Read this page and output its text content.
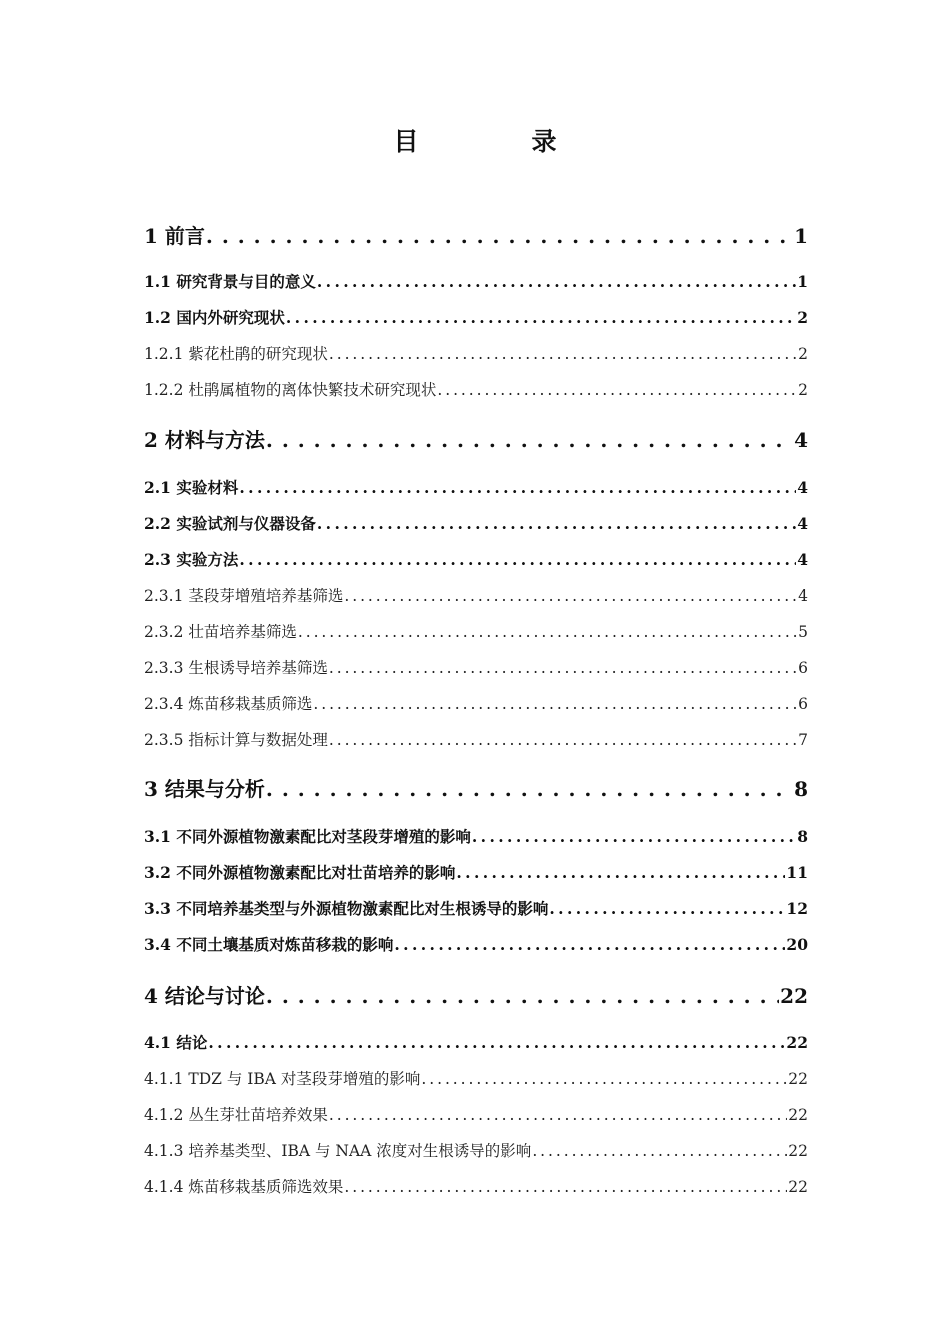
目　录
1 前言 . . .	1
1.1 研究背景与目的意义 . . .	1
1.2 国内外研究现状 . . .	2
1.2.1 紫花杜鹃的研究现状 . . .	2
1.2.2 杜鹃属植物的离体快繁技术研究现状 . . .	2
2 材料与方法 . . .	4
2.1 实验材料 . . .	4
2.2 实验试剂与仪器设备 . . .	4
2.3 实验方法 . . .	4
2.3.1 茎段芽增殖培养基筛选 . . .	4
2.3.2 壮苗培养基筛选 . . .	5
2.3.3 生根诱导培养基筛选 . . .	6
2.3.4 炼苗移栽基质筛选 . . .	6
2.3.5 指标计算与数据处理 . . .	7
3 结果与分析 . . .	8
3.1 不同外源植物激素配比对茎段芽增殖的影响 . . .	8
3.2 不同外源植物激素配比对壮苗培养的影响 . . .	11
3.3 不同培养基类型与外源植物激素配比对生根诱导的影响 . . .	12
3.4 不同土壤基质对炼苗移栽的影响 . . .	20
4 结论与讨论 . . .	22
4.1 结论 . . .	22
4.1.1 TDZ 与 IBA 对茎段芽增殖的影响 . . .	22
4.1.2 丛生芽壮苗培养效果 . . .	22
4.1.3 培养基类型、IBA 与 NAA 浓度对生根诱导的影响 . . .	22
4.1.4 炼苗移栽基质筛选效果 . . .	22
